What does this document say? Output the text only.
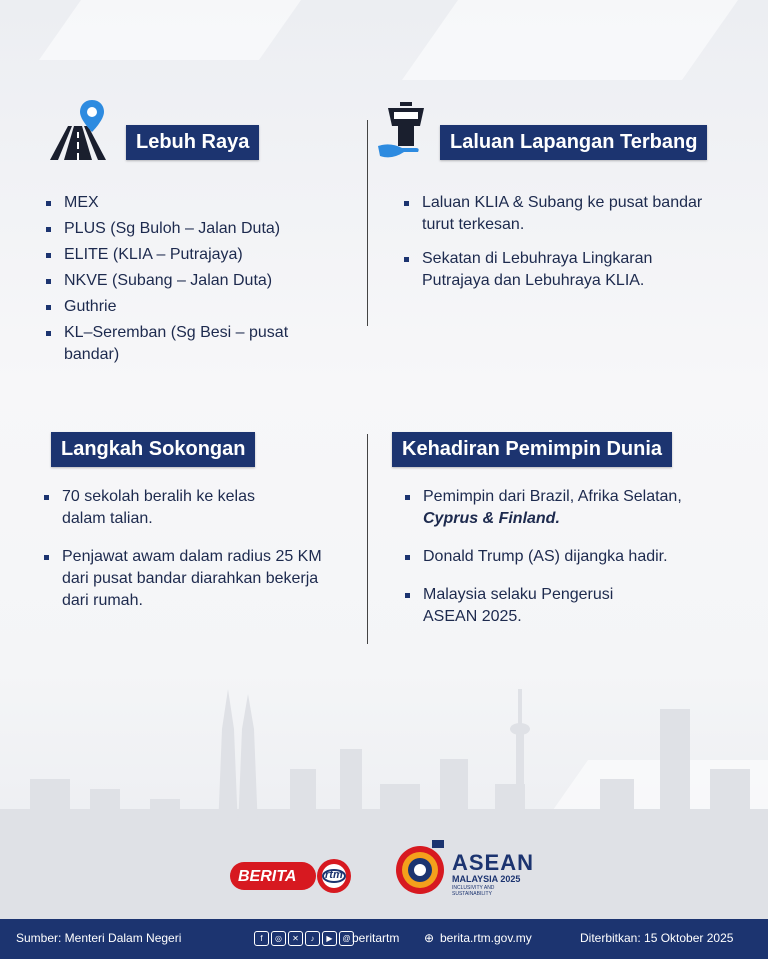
Lebuh Raya
MEX
PLUS (Sg Buloh – Jalan Duta)
ELITE (KLIA – Putrajaya)
NKVE (Subang – Jalan Duta)
Guthrie
KL–Seremban (Sg Besi – pusat bandar)
Laluan Lapangan Terbang
Laluan KLIA & Subang ke pusat bandar turut terkesan.
Sekatan di Lebuhraya Lingkaran Putrajaya dan Lebuhraya KLIA.
Langkah Sokongan
70 sekolah beralih ke kelas dalam talian.
Penjawat awam dalam radius 25 KM dari pusat bandar diarahkan bekerja dari rumah.
Kehadiran Pemimpin Dunia
Pemimpin dari Brazil, Afrika Selatan,
Cyprus & Finland.
Donald Trump (AS) dijangka hadir.
Malaysia selaku Pengerusi ASEAN 2025.
BERITA	rtm	ASEAN
MALAYSIA 2025
INCLUSIVITY AND SUSTAINABILITY
Sumber: Menteri Dalam Negeri	f	◎	✕	♪	▶	@ beritartm ⊕ berita.rtm.gov.my	Diterbitkan: 15 Oktober 2025
